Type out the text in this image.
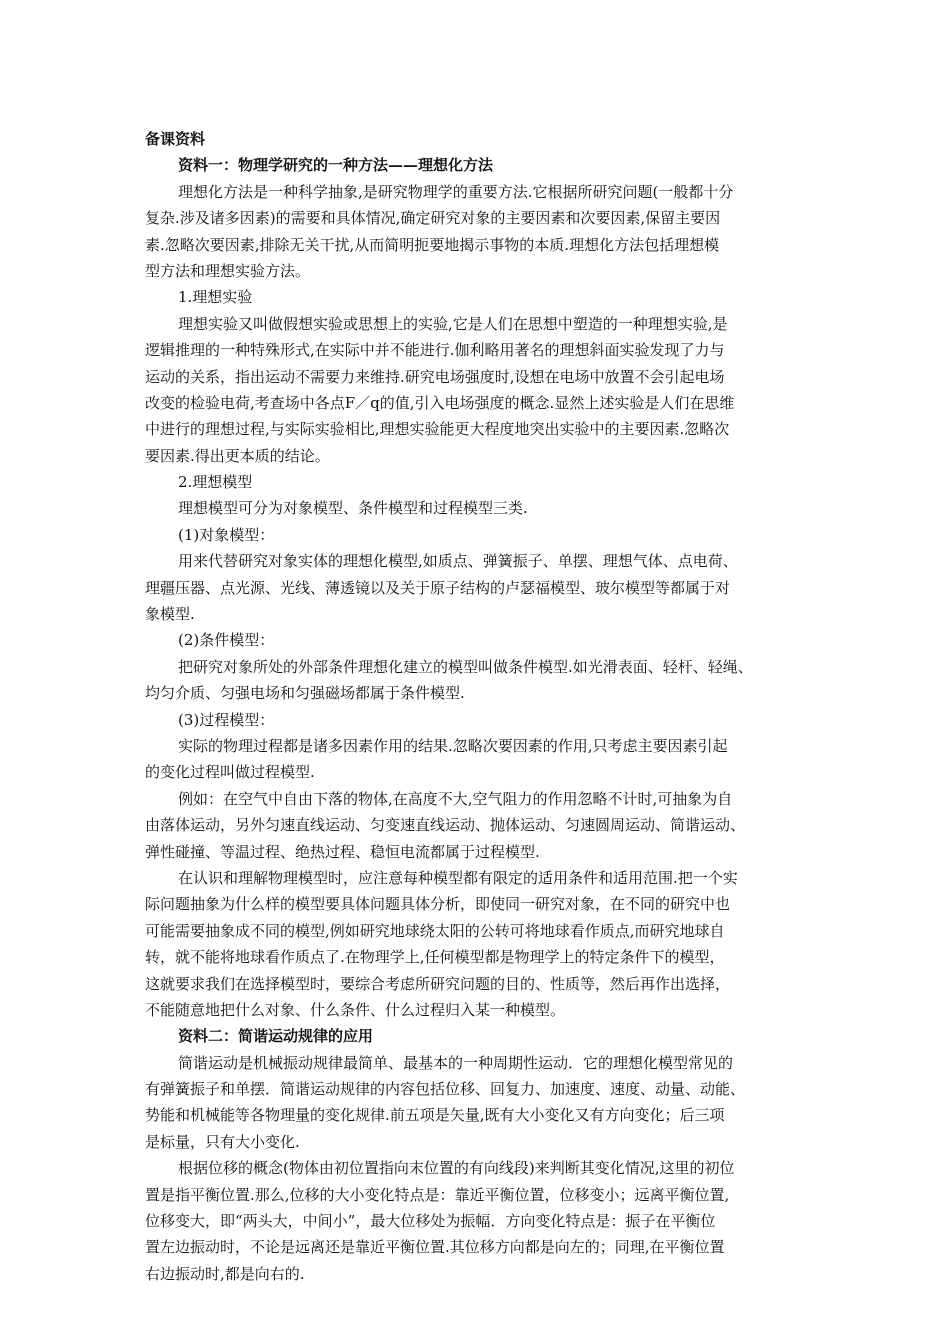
备课资料
资料一：物理学研究的一种方法——理想化方法
理想化方法是一种科学抽象,是研究物理学的重要方法.它根据所研究问题(一般都十分
复杂.涉及诸多因素)的需要和具体情况,确定研究对象的主要因素和次要因素,保留主要因
素.忽略次要因素,排除无关干扰,从而简明扼要地揭示事物的本质.理想化方法包括理想模
型方法和理想实验方法。
1.理想实验
理想实验又叫做假想实验或思想上的实验,它是人们在思想中塑造的一种理想实验,是
逻辑推理的一种特殊形式,在实际中并不能进行.伽利略用著名的理想斜面实验发现了力与
运动的关系，指出运动不需要力来维持.研究电场强度时,设想在电场中放置不会引起电场
改变的检验电荷,考查场中各点F／q的值,引入电场强度的概念.显然上述实验是人们在思维
中进行的理想过程,与实际实验相比,理想实验能更大程度地突出实验中的主要因素.忽略次
要因素.得出更本质的结论。
2.理想模型
理想模型可分为对象模型、条件模型和过程模型三类.
(1)对象模型：
用来代替研究对象实体的理想化模型,如质点、弹簧振子、单摆、理想气体、点电荷、
理疆压器、点光源、光线、薄透镜以及关于原子结构的卢瑟福模型、玻尔模型等都属于对
象模型.
(2)条件模型：
把研究对象所处的外部条件理想化建立的模型叫做条件模型.如光滑表面、轻杆、轻绳、
均匀介质、匀强电场和匀强磁场都属于条件模型.
(3)过程模型：
实际的物理过程都是诸多因素作用的结果.忽略次要因素的作用,只考虑主要因素引起
的变化过程叫做过程模型.
例如：在空气中自由下落的物体,在高度不大,空气阻力的作用忽略不计时,可抽象为自
由落体运动，另外匀速直线运动、匀变速直线运动、抛体运动、匀速圆周运动、简谐运动、
弹性碰撞、等温过程、绝热过程、稳恒电流都属于过程模型.
在认识和理解物理模型时，应注意每种模型都有限定的适用条件和适用范围.把一个实
际问题抽象为什么样的模型要具体问题具体分析，即使同一研究对象，在不同的研究中也
可能需要抽象成不同的模型,例如研究地球绕太阳的公转可将地球看作质点,而研究地球自
转，就不能将地球看作质点了.在物理学上,任何模型都是物理学上的特定条件下的模型，
这就要求我们在选择模型时，要综合考虑所研究问题的目的、性质等，然后再作出选择，
不能随意地把什么对象、什么条件、什么过程归入某一种模型。
资料二：简谐运动规律的应用
简谐运动是机械振动规律最简单、最基本的一种周期性运动．它的理想化模型常见的
有弹簧振子和单摆．简谐运动规律的内容包括位移、回复力、加速度、速度、动量、动能、
势能和机械能等各物理量的变化规律.前五项是矢量,既有大小变化又有方向变化；后三项
是标量，只有大小变化.
根据位移的概念(物体由初位置指向末位置的有向线段)来判断其变化情况,这里的初位
置是指平衡位置.那么,位移的大小变化特点是：靠近平衡位置，位移变小；远离平衡位置,
位移变大，即“两头大，中间小”，最大位移处为振幅．方向变化特点是：振子在平衡位
置左边振动时，不论是远离还是靠近平衡位置.其位移方向都是向左的；同理,在平衡位置
右边振动时,都是向右的.
